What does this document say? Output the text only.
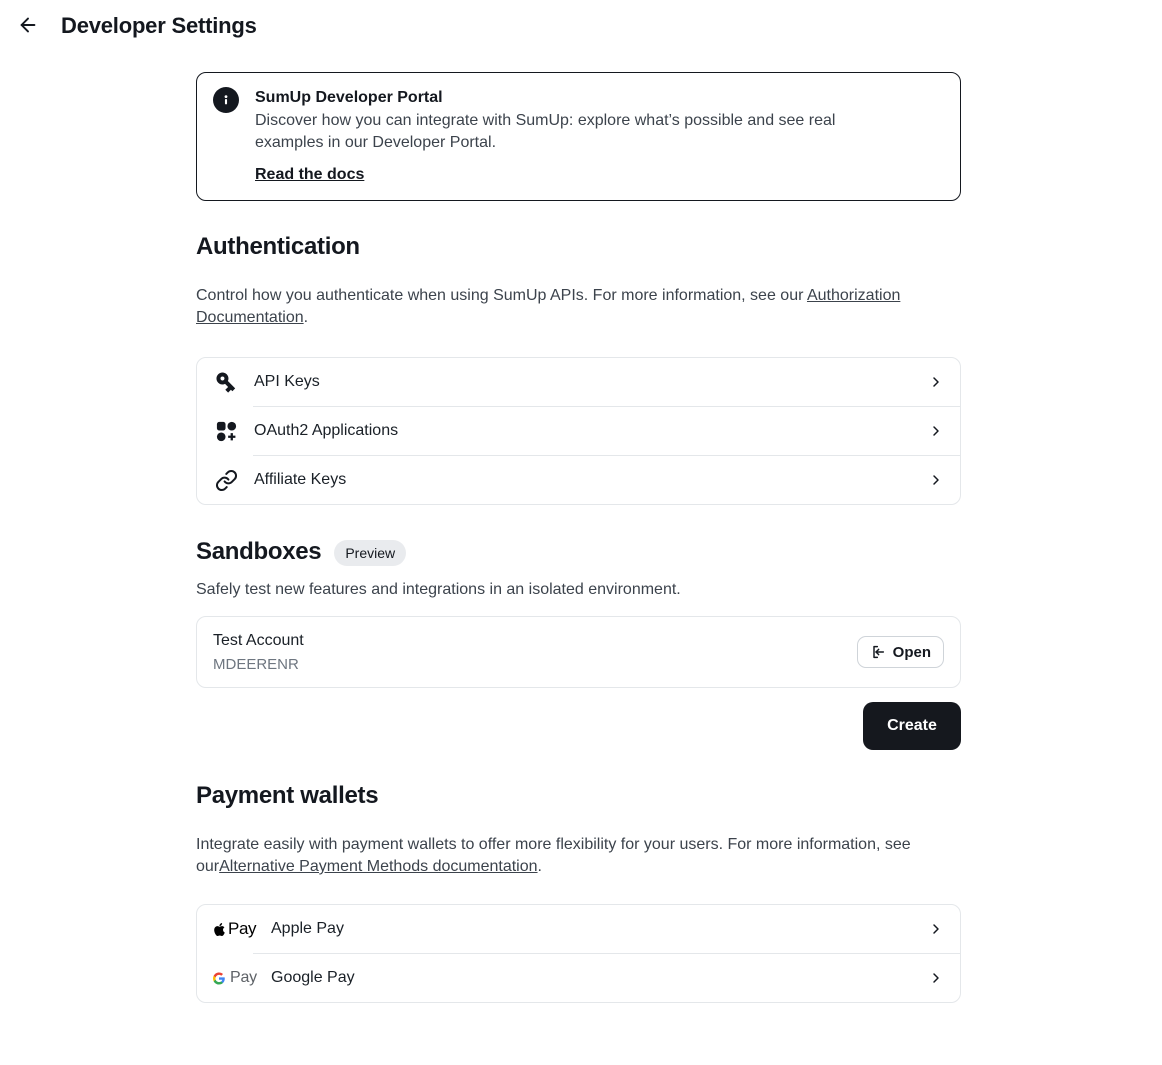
Developer Settings
SumUp Developer Portal

Discover how you can integrate with SumUp: explore what’s possible and see real examples in our Developer Portal.

Read the docs
Authentication

Control how you authenticate when using SumUp APIs. For more information, see our Authorization Documentation.

API Keys
OAuth2 Applications
Affiliate Keys
Sandboxes	Preview

Safely test new features and integrations in an isolated environment.

Test Account
MDEERENR
Open
Create
Payment wallets

Integrate easily with payment wallets to offer more flexibility for your users. For more information, see ourAlternative Payment Methods documentation.

Pay Apple Pay
Pay Google Pay
